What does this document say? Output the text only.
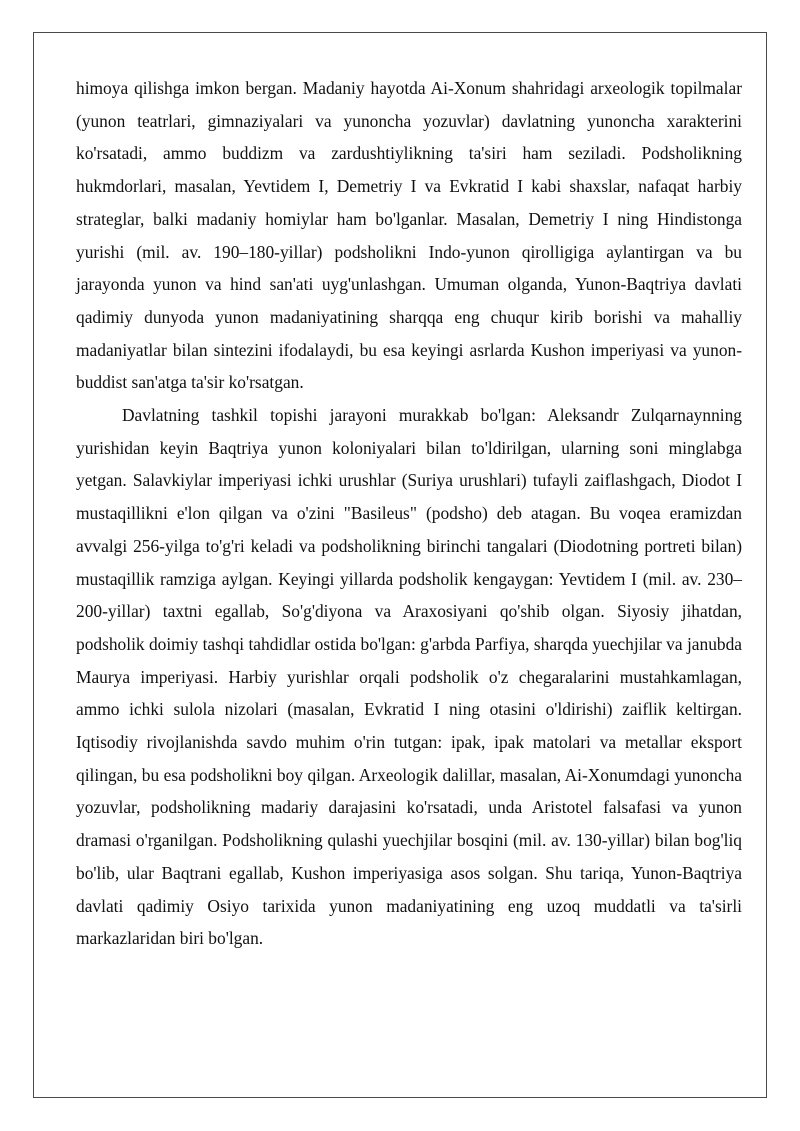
himoya qilishga imkon bergan. Madaniy hayotda Ai-Xonum shahridagi arxeologik topilmalar (yunon teatrlari, gimnaziyalari va yunoncha yozuvlar) davlatning yunoncha xarakterini ko'rsatadi, ammo buddizm va zardushtiylikning ta'siri ham seziladi. Podsholikning hukmdorlari, masalan, Yevtidem I, Demetriy I va Evkratid I kabi shaxslar, nafaqat harbiy strateglar, balki madaniy homiylar ham bo'lganlar. Masalan, Demetriy I ning Hindistonga yurishi (mil. av. 190–180-yillar) podsholikni Indo-yunon qirolligiga aylantirgan va bu jarayonda yunon va hind san'ati uyg'unlashgan. Umuman olganda, Yunon-Baqtriya davlati qadimiy dunyoda yunon madaniyatining sharqqa eng chuqur kirib borishi va mahalliy madaniyatlar bilan sintezini ifodalaydi, bu esa keyingi asrlarda Kushon imperiyasi va yunon-buddist san'atga ta'sir ko'rsatgan.

Davlatning tashkil topishi jarayoni murakkab bo'lgan: Aleksandr Zulqarnaynning yurishidan keyin Baqtriya yunon koloniyalari bilan to'ldirilgan, ularning soni minglabga yetgan. Salavkiylar imperiyasi ichki urushlar (Suriya urushlari) tufayli zaiflashgach, Diodot I mustaqillikni e'lon qilgan va o'zini "Basileus" (podsho) deb atagan. Bu voqea eramizdan avvalgi 256-yilga to'g'ri keladi va podsholikning birinchi tangalari (Diodotning portreti bilan) mustaqillik ramziga aylgan. Keyingi yillarda podsholik kengaygan: Yevtidem I (mil. av. 230–200-yillar) taxtni egallab, So'g'diyona va Araxosiyani qo'shib olgan. Siyosiy jihatdan, podsholik doimiy tashqi tahdidlar ostida bo'lgan: g'arbda Parfiya, sharqda yuechjilar va janubda Maurya imperiyasi. Harbiy yurishlar orqali podsholik o'z chegaralarini mustahkamlagan, ammo ichki sulola nizolari (masalan, Evkratid I ning otasini o'ldirishi) zaiflik keltirgan. Iqtisodiy rivojlanishda savdo muhim o'rin tutgan: ipak, ipak matolari va metallar eksport qilingan, bu esa podsholikni boy qilgan. Arxeologik dalillar, masalan, Ai-Xonumdagi yunoncha yozuvlar, podsholikning madariy darajasini ko'rsatadi, unda Aristotel falsafasi va yunon dramasi o'rganilgan. Podsholikning qulashi yuechjilar bosqini (mil. av. 130-yillar) bilan bog'liq bo'lib, ular Baqtrani egallab, Kushon imperiyasiga asos solgan. Shu tariqa, Yunon-Baqtriya davlati qadimiy Osiyo tarixida yunon madaniyatining eng uzoq muddatli va ta'sirli markazlaridan biri bo'lgan.
